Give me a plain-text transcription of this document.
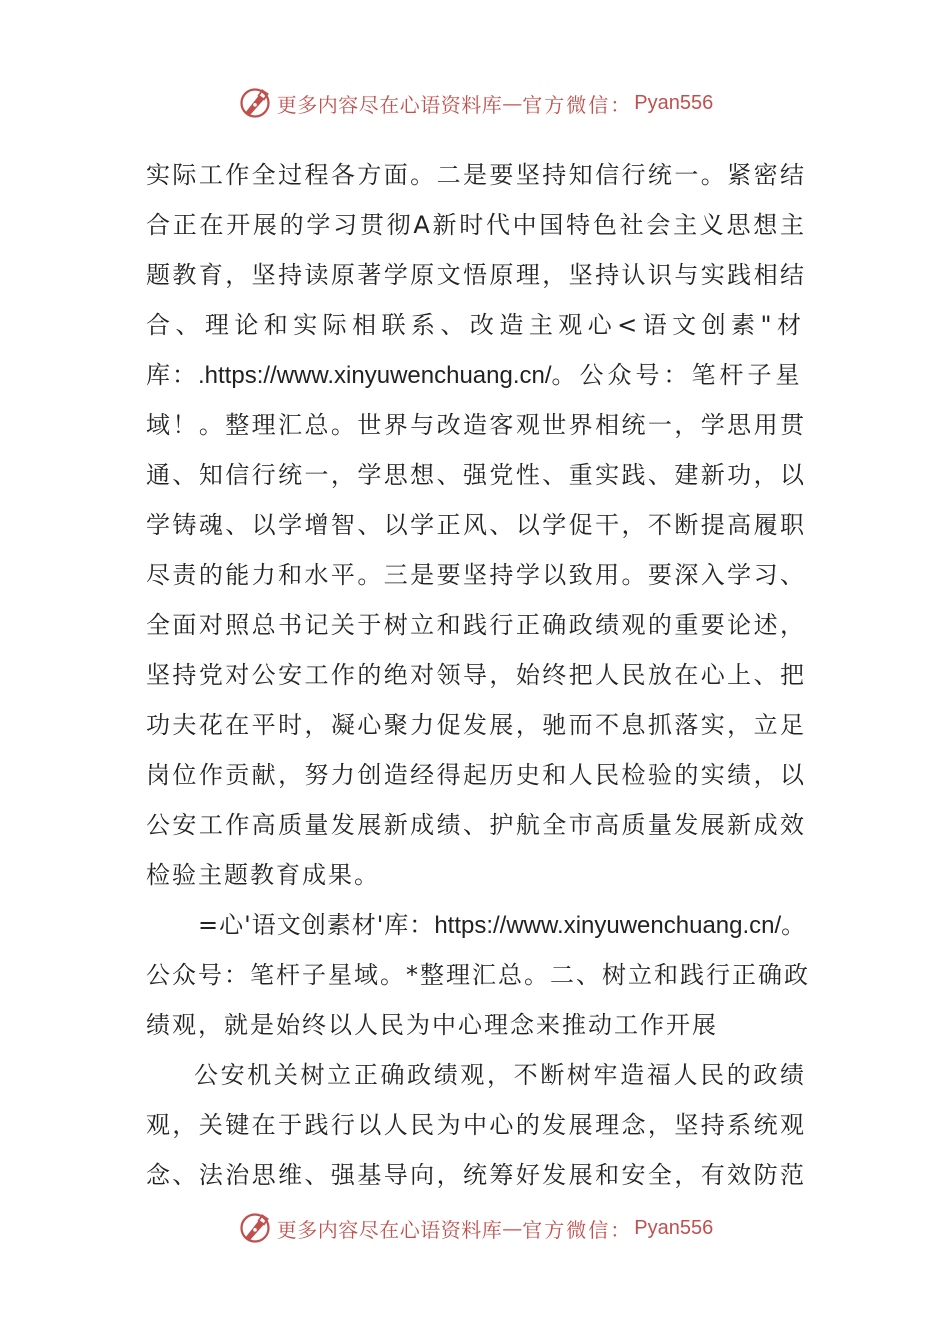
更多内容尽在心语资料库 — 官方微信： Pyan556
实际工作全过程各方面。二是要坚持知信行统一。紧密结
合正在开展的学习贯彻A新时代中国特色社会主义思想主
题教育，坚持读原著学原文悟原理，坚持认识与实践相结
合、理论和实际相联系、改造主观心<语文创素"材
库：.https://www.xinyuwenchuang.cn/。公众号：笔杆子星
域！。整理汇总。世界与改造客观世界相统一，学思用贯
通、知信行统一，学思想、强党性、重实践、建新功，以
学铸魂、以学增智、以学正风、以学促干，不断提高履职
尽责的能力和水平。三是要坚持学以致用。要深入学习、
全面对照总书记关于树立和践行正确政绩观的重要论述，
坚持党对公安工作的绝对领导，始终把人民放在心上、把
功夫花在平时，凝心聚力促发展，驰而不息抓落实，立足
岗位作贡献，努力创造经得起历史和人民检验的实绩，以
公安工作高质量发展新成绩、护航全市高质量发展新成效
检验主题教育成果。
=心'语文创素材'库：https://www.xinyuwenchuang.cn/。
公众号：笔杆子星域。*整理汇总。二、树立和践行正确政
绩观，就是始终以人民为中心理念来推动工作开展
公安机关树立正确政绩观，不断树牢造福人民的政绩
观，关键在于践行以人民为中心的发展理念，坚持系统观
念、法治思维、强基导向，统筹好发展和安全，有效防范
更多内容尽在心语资料库 — 官方微信： Pyan556
